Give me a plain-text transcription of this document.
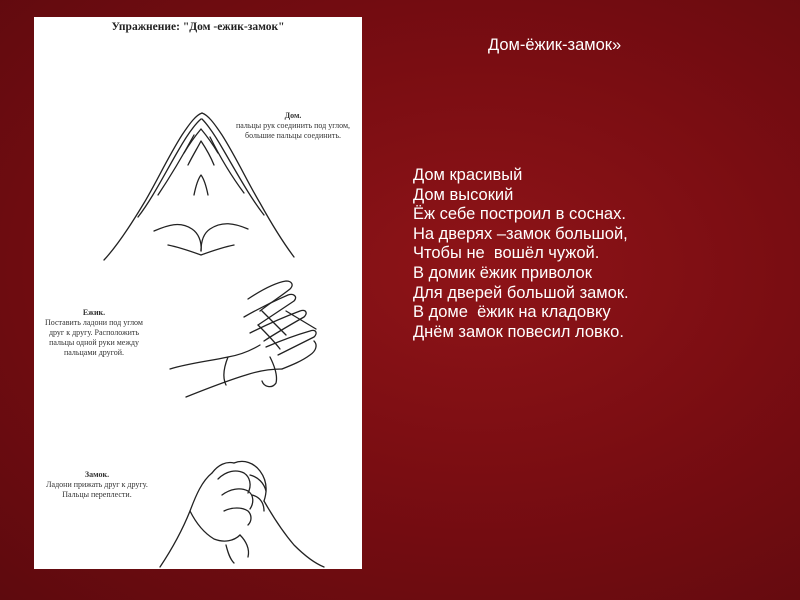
Упражнение: "Дом -ежик-замок"
Дом.
пальцы рук соединить под углом, большие пальцы соединить.
Ежик.
Поставить ладони под углом друг к другу. Расположить пальцы одной руки между пальцами другой.
Замок.
Ладони прижать друг к другу. Пальцы переплести.
Дом-ёжик-замок»
Дом красивый
Дом высокий
Ёж себе построил в соснах.
На дверях –замок большой,
Чтобы не  вошёл чужой.
В домик ёжик приволок
Для дверей большой замок.
В доме  ёжик на кладовку
Днём замок повесил ловко.
